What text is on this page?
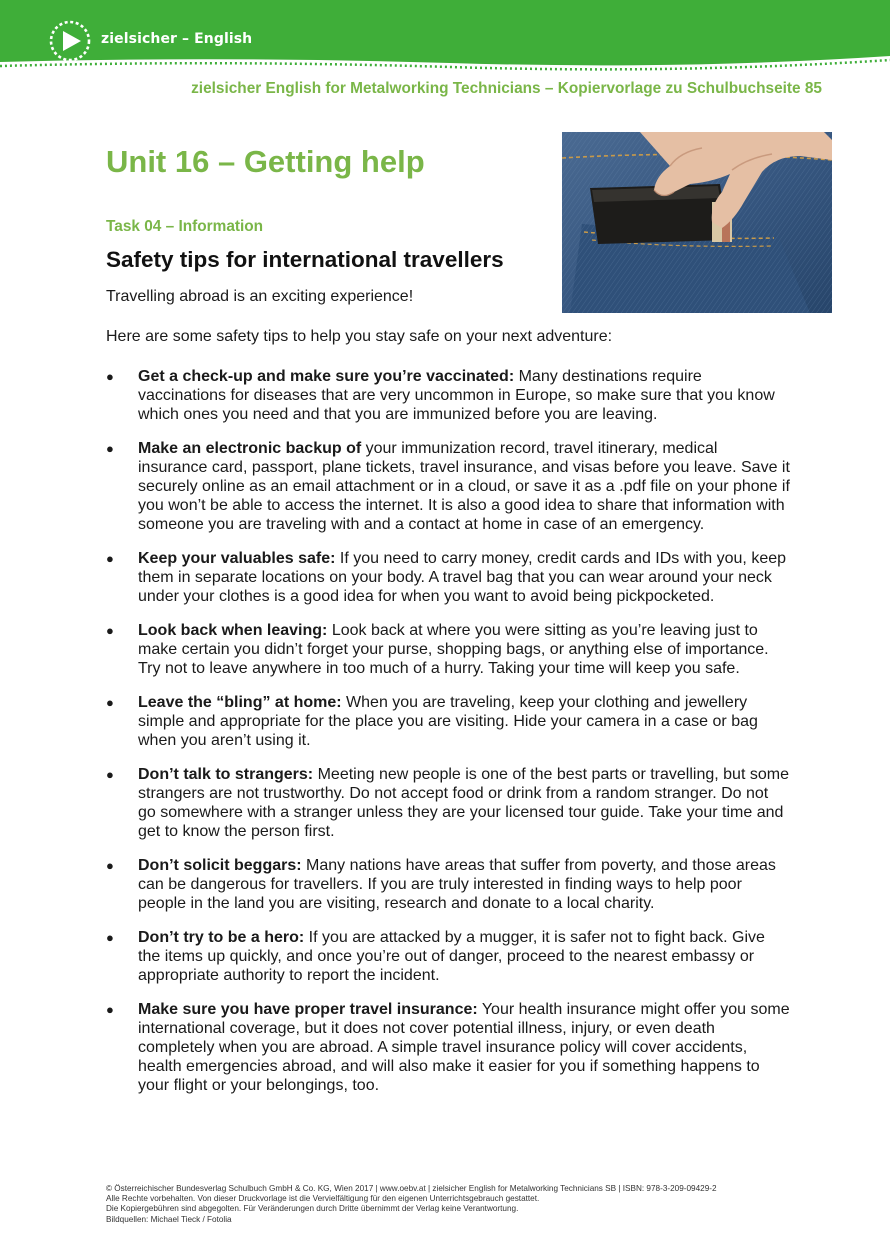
zielsicher – English
zielsicher English for Metalworking Technicians – Kopiervorlage zu Schulbuchseite 85
Unit 16 – Getting help
Task 04 – Information
Safety tips for international travellers
Travelling abroad is an exciting experience!
Here are some safety tips to help you stay safe on your next adventure:
● Get a check-up and make sure you’re vaccinated: Many destinations require vaccinations for diseases that are very uncommon in Europe, so make sure that you know which ones you need and that you are immunized before you are leaving.
● Make an electronic backup of your immunization record, travel itinerary, medical insurance card, passport, plane tickets, travel insurance, and visas before you leave. Save it securely online as an email attachment or in a cloud, or save it as a .pdf file on your phone if you won’t be able to access the internet. It is also a good idea to share that information with someone you are traveling with and a contact at home in case of an emergency.
● Keep your valuables safe: If you need to carry money, credit cards and IDs with you, keep them in separate locations on your body. A travel bag that you can wear around your neck under your clothes is a good idea for when you want to avoid being pickpocketed.
● Look back when leaving: Look back at where you were sitting as you’re leaving just to make certain you didn’t forget your purse, shopping bags, or anything else of importance. Try not to leave anywhere in too much of a hurry. Taking your time will keep you safe.
● Leave the “bling” at home: When you are traveling, keep your clothing and jewellery simple and appropriate for the place you are visiting. Hide your camera in a case or bag when you aren’t using it.
● Don’t talk to strangers: Meeting new people is one of the best parts or travelling, but some strangers are not trustworthy. Do not accept food or drink from a random stranger. Do not go somewhere with a stranger unless they are your licensed tour guide. Take your time and get to know the person first.
● Don’t solicit beggars: Many nations have areas that suffer from poverty, and those areas can be dangerous for travellers. If you are truly interested in finding ways to help poor people in the land you are visiting, research and donate to a local charity.
● Don’t try to be a hero: If you are attacked by a mugger, it is safer not to fight back. Give the items up quickly, and once you’re out of danger, proceed to the nearest embassy or appropriate authority to report the incident.
● Make sure you have proper travel insurance: Your health insurance might offer you some international coverage, but it does not cover potential illness, injury, or even death completely when you are abroad. A simple travel insurance policy will cover accidents, health emergencies abroad, and will also make it easier for you if something happens to your flight or your belongings, too.
© Österreichischer Bundesverlag Schulbuch GmbH & Co. KG, Wien 2017 | www.oebv.at | zielsicher English for Metalworking Technicians SB | ISBN: 978-3-209-09429-2
Alle Rechte vorbehalten. Von dieser Druckvorlage ist die Vervielfältigung für den eigenen Unterrichtsgebrauch gestattet.
Die Kopiergebühren sind abgegolten. Für Veränderungen durch Dritte übernimmt der Verlag keine Verantwortung.
Bildquellen: Michael Tieck / Fotolia
